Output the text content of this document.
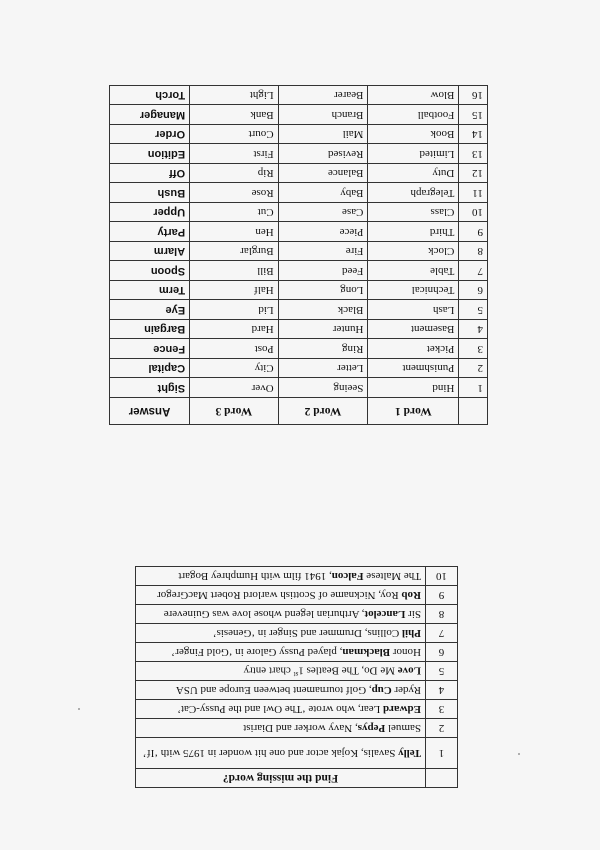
	Find the missing word?
1	Telly Savalis, Kojak actor and one hit wonder in 1975 with ‘If’
2	Samuel Pepys, Navy worker and Diarist
3	Edward Lear, who wrote ‘The Owl and the Pussy-Cat’
4	Ryder Cup, Golf tournament between Europe and USA
5	Love Me Do, The Beatles 1st chart entry
6	Honor Blackman, played Pussy Galore in ‘Gold Finger’
7	Phil Collins, Drummer and Singer in ‘Genesis’
8	Sir Lancelot, Arthurian legend whose love was Guinevere
9	Rob Roy, Nickname of Scottish warlord Robert MacGregor
10	The Maltese Falcon, 1941 film with Humphrey Bogart
	Word 1	Word 2	Word 3	Answer
1	Hind	Seeing	Over	Sight
2	Punishment	Letter	City	Capital
3	Picket	Ring	Post	Fence
4	Basement	Hunter	Hard	Bargain
5	Lash	Black	Lid	Eye
6	Technical	Long	Half	Term
7	Table	Feed	Bill	Spoon
8	Clock	Fire	Burglar	Alarm
9	Third	Piece	Hen	Party
10	Class	Case	Cut	Upper
11	Telegraph	Baby	Rose	Bush
12	Duty	Balance	Rip	Off
13	Limited	Revised	First	Edition
14	Book	Mail	Court	Order
15	Football	Branch	Bank	Manager
16	Blow	Bearer	Light	Torch
